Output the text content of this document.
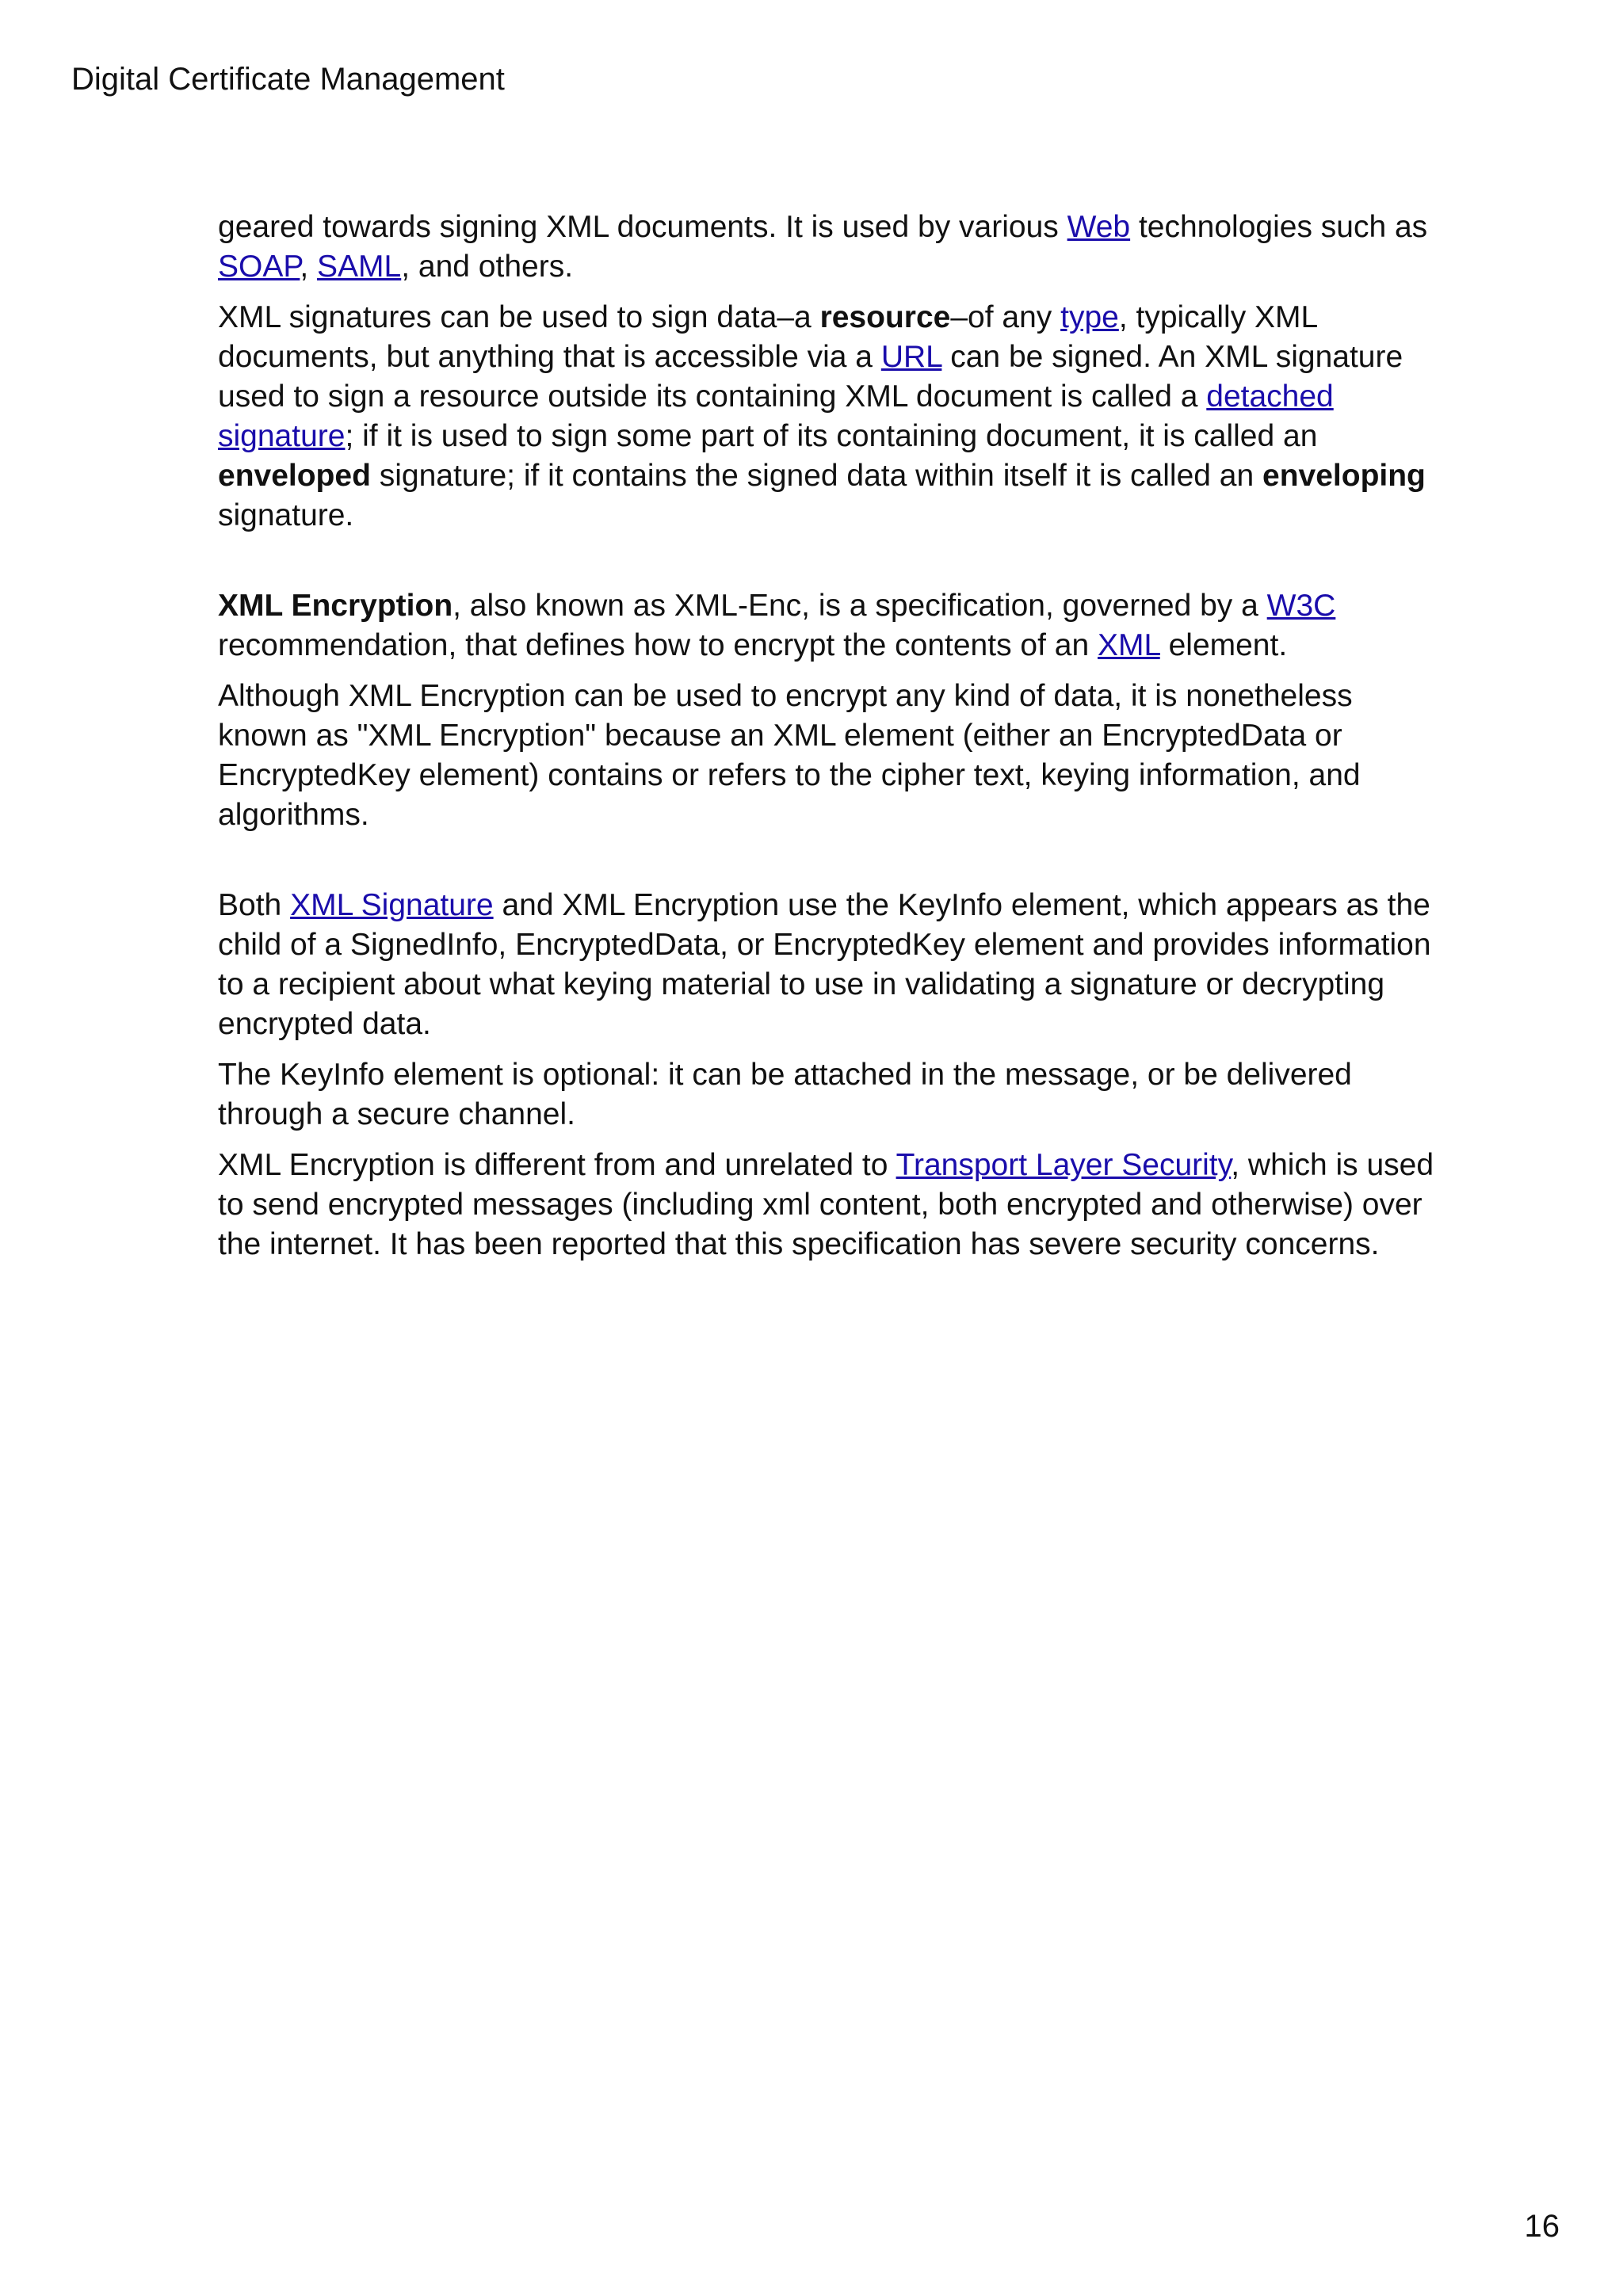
Digital Certificate Management

geared towards signing XML documents. It is used by various Web technologies such as SOAP, SAML, and others.

XML signatures can be used to sign data–a resource–of any type, typically XML documents, but anything that is accessible via a URL can be signed. An XML signature used to sign a resource outside its containing XML document is called a detached signature; if it is used to sign some part of its containing document, it is called an enveloped signature; if it contains the signed data within itself it is called an enveloping signature.

XML Encryption, also known as XML-Enc, is a specification, governed by a W3C recommendation, that defines how to encrypt the contents of an XML element.

Although XML Encryption can be used to encrypt any kind of data, it is nonetheless known as "XML Encryption" because an XML element (either an EncryptedData or EncryptedKey element) contains or refers to the cipher text, keying information, and algorithms.

Both XML Signature and XML Encryption use the KeyInfo element, which appears as the child of a SignedInfo, EncryptedData, or EncryptedKey element and provides information to a recipient about what keying material to use in validating a signature or decrypting encrypted data.

The KeyInfo element is optional: it can be attached in the message, or be delivered through a secure channel.

XML Encryption is different from and unrelated to Transport Layer Security, which is used to send encrypted messages (including xml content, both encrypted and otherwise) over the internet. It has been reported that this specification has severe security concerns.

16
